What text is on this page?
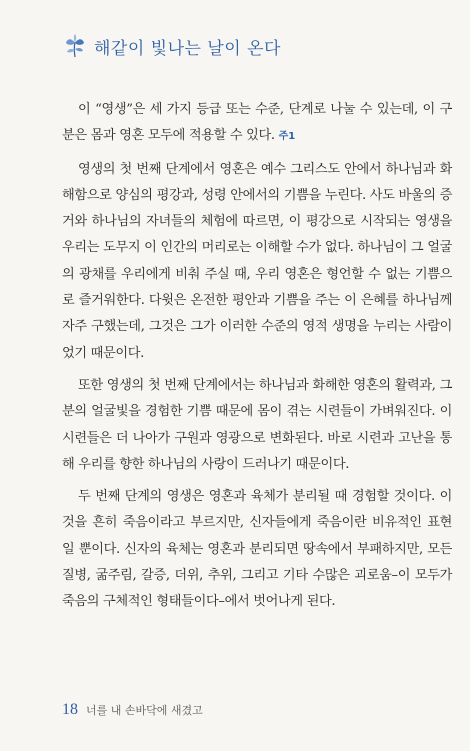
해같이 빛나는 날이 온다

이 “영생”은 세 가지 등급 또는 수준, 단계로 나눌 수 있는데, 이 구분은 몸과 영혼 모두에 적용할 수 있다. 주1

영생의 첫 번째 단계에서 영혼은 예수 그리스도 안에서 하나님과 화해함으로 양심의 평강과, 성령 안에서의 기쁨을 누린다. 사도 바울의 증거와 하나님의 자녀들의 체험에 따르면, 이 평강으로 시작되는 영생을 우리는 도무지 이 인간의 머리로는 이해할 수가 없다. 하나님이 그 얼굴의 광채를 우리에게 비춰 주실 때, 우리 영혼은 형언할 수 없는 기쁨으로 즐거워한다. 다윗은 온전한 평안과 기쁨을 주는 이 은혜를 하나님께 자주 구했는데, 그것은 그가 이러한 수준의 영적 생명을 누리는 사람이었기 때문이다.

또한 영생의 첫 번째 단계에서는 하나님과 화해한 영혼의 활력과, 그분의 얼굴빛을 경험한 기쁨 때문에 몸이 겪는 시련들이 가벼워진다. 이 시련들은 더 나아가 구원과 영광으로 변화된다. 바로 시련과 고난을 통해 우리를 향한 하나님의 사랑이 드러나기 때문이다.

두 번째 단계의 영생은 영혼과 육체가 분리될 때 경험할 것이다. 이것을 흔히 죽음이라고 부르지만, 신자들에게 죽음이란 비유적인 표현일 뿐이다. 신자의 육체는 영혼과 분리되면 땅속에서 부패하지만, 모든 질병, 굶주림, 갈증, 더위, 추위, 그리고 기타 수많은 괴로움–이 모두가 죽음의 구체적인 형태들이다–에서 벗어나게 된다.

18 너를 내 손바닥에 새겼고
